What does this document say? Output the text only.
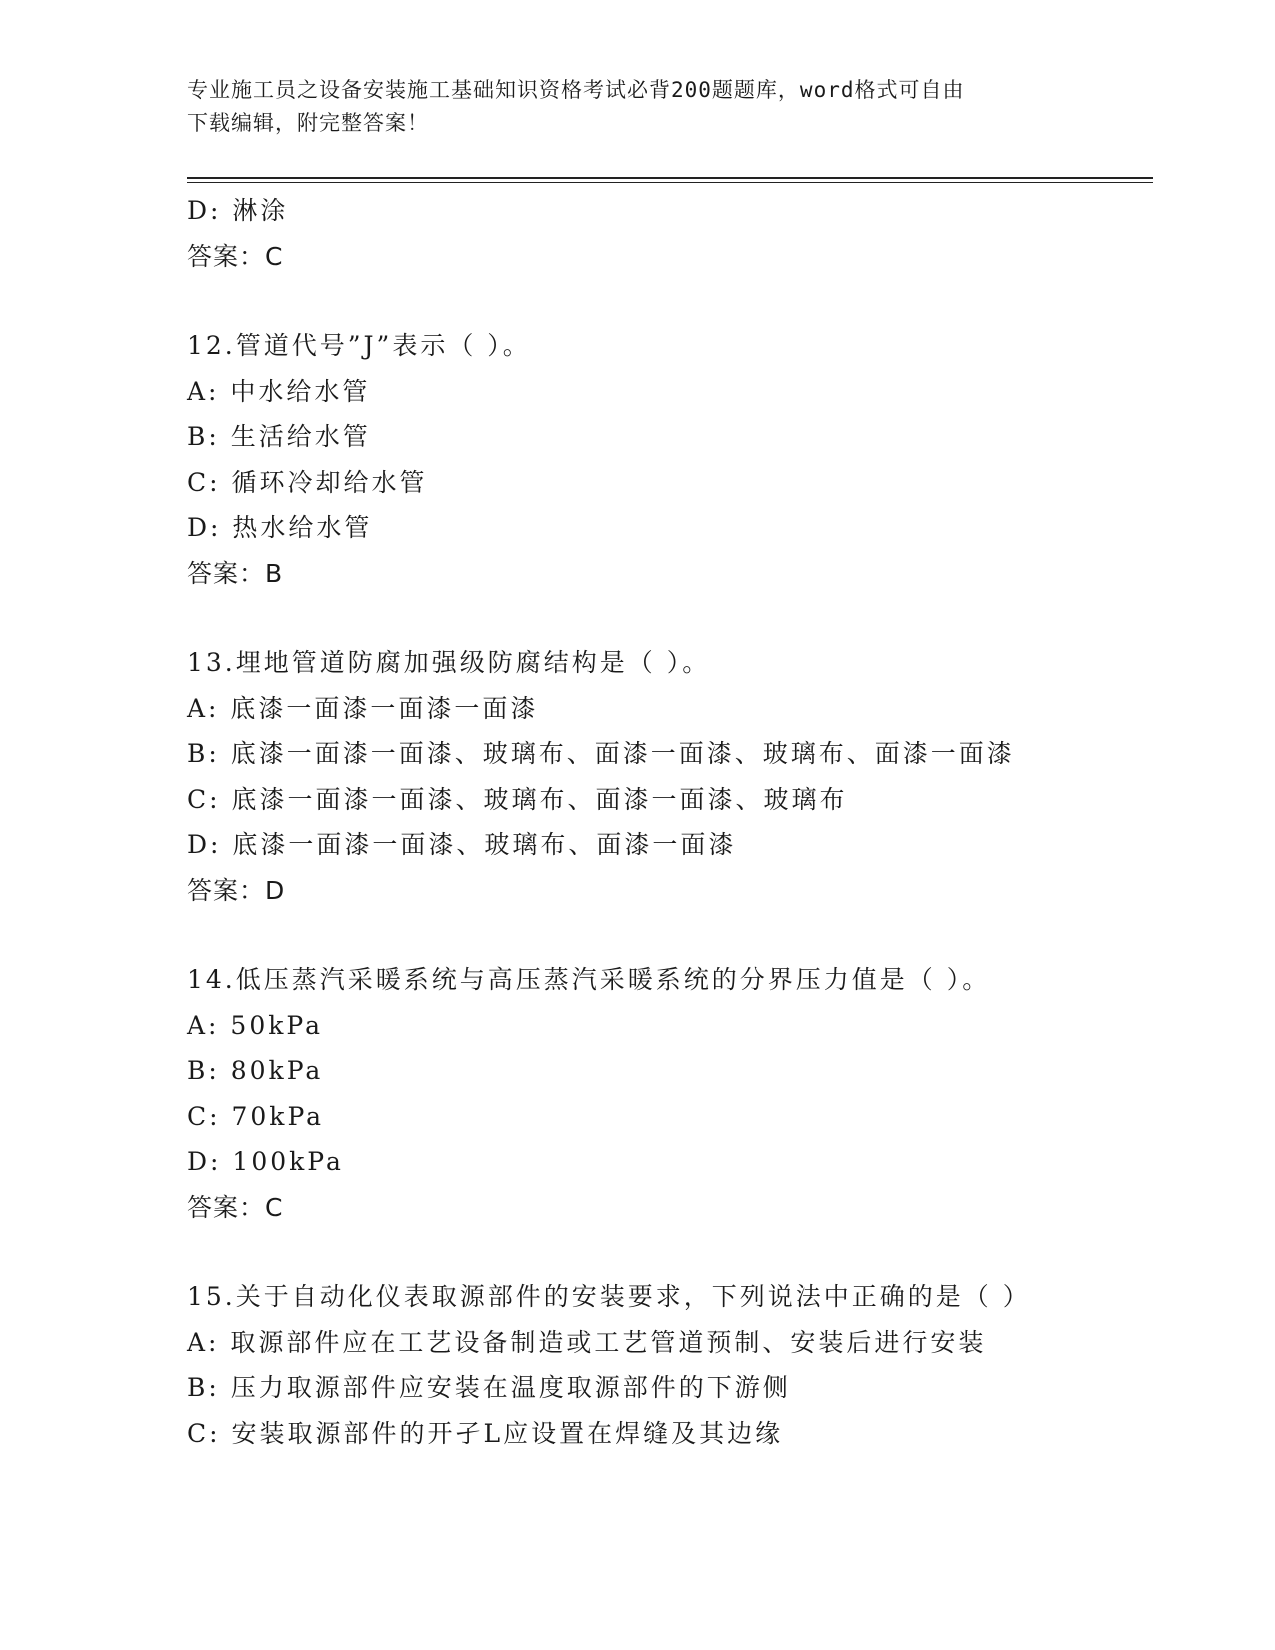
专业施工员之设备安装施工基础知识资格考试必背200题题库，word格式可自由
下载编辑，附完整答案！
D: 淋涂
答案：C
12.管道代号”J”表示（ ）。
A: 中水给水管
B: 生活给水管
C: 循环冷却给水管
D: 热水给水管
答案：B
13.埋地管道防腐加强级防腐结构是（ ）。
A: 底漆一面漆一面漆一面漆
B: 底漆一面漆一面漆、玻璃布、面漆一面漆、玻璃布、面漆一面漆
C: 底漆一面漆一面漆、玻璃布、面漆一面漆、玻璃布
D: 底漆一面漆一面漆、玻璃布、面漆一面漆
答案：D
14.低压蒸汽采暖系统与高压蒸汽采暖系统的分界压力值是（ ）。
A: 50kPa
B: 80kPa
C: 70kPa
D: 100kPa
答案：C
15.关于自动化仪表取源部件的安装要求，下列说法中正确的是（ ）
A: 取源部件应在工艺设备制造或工艺管道预制、安装后进行安装
B: 压力取源部件应安装在温度取源部件的下游侧
C: 安装取源部件的开孑L应设置在焊缝及其边缘
